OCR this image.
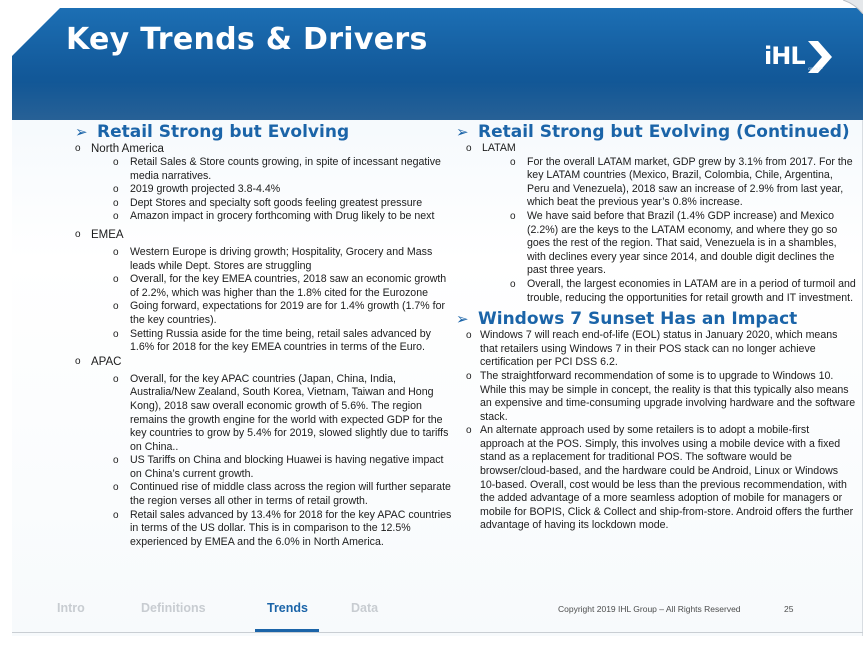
Key Trends & Drivers	iHL GROUP
➢ Retail Strong but Evolving
o North America
o Retail Sales & Store counts growing, in spite of incessant negative media narratives.
o 2019 growth projected 3.8-4.4%
o Dept Stores and specialty soft goods feeling greatest pressure
o Amazon impact in grocery forthcoming with Drug likely to be next
o EMEA
o Western Europe is driving growth; Hospitality, Grocery and Mass leads while Dept. Stores are struggling
o Overall, for the key EMEA countries, 2018 saw an economic growth of 2.2%, which was higher than the 1.8% cited for the Eurozone
o Going forward, expectations for 2019 are for 1.4% growth (1.7% for the key countries).
o Setting Russia aside for the time being, retail sales advanced by 1.6% for 2018 for the key EMEA countries in terms of the Euro.
o APAC
o Overall, for the key APAC countries (Japan, China, India, Australia/New Zealand, South Korea, Vietnam, Taiwan and Hong Kong), 2018 saw overall economic growth of 5.6%. The region remains the growth engine for the world with expected GDP for the key countries to grow by 5.4% for 2019, slowed slightly due to tariffs on China..
o US Tariffs on China and blocking Huawei is having negative impact on China’s current growth.
o Continued rise of middle class across the region will further separate the region verses all other in terms of retail growth.
o Retail sales advanced by 13.4% for 2018 for the key APAC countries in terms of the US dollar. This is in comparison to the 12.5% experienced by EMEA and the 6.0% in North America.
➢ Retail Strong but Evolving (Continued)
o LATAM
o For the overall LATAM market, GDP grew by 3.1% from 2017. For the key LATAM countries (Mexico, Brazil, Colombia, Chile, Argentina, Peru and Venezuela), 2018 saw an increase of 2.9% from last year, which beat the previous year’s 0.8% increase.
o We have said before that Brazil (1.4% GDP increase) and Mexico (2.2%) are the keys to the LATAM economy, and where they go so goes the rest of the region. That said, Venezuela is in a shambles, with declines every year since 2014, and double digit declines the past three years.
o Overall, the largest economies in LATAM are in a period of turmoil and trouble, reducing the opportunities for retail growth and IT investment.
➢ Windows 7 Sunset Has an Impact
o Windows 7 will reach end-of-life (EOL) status in January 2020, which means that retailers using Windows 7 in their POS stack can no longer achieve certification per PCI DSS 6.2.
o The straightforward recommendation of some is to upgrade to Windows 10. While this may be simple in concept, the reality is that this typically also means an expensive and time-consuming upgrade involving hardware and the software stack.
o An alternate approach used by some retailers is to adopt a mobile-first approach at the POS. Simply, this involves using a mobile device with a fixed stand as a replacement for traditional POS. The software would be browser/cloud-based, and the hardware could be Android, Linux or Windows 10-based. Overall, cost would be less than the previous recommendation, with the added advantage of a more seamless adoption of mobile for managers or mobile for BOPIS, Click & Collect and ship-from-store. Android offers the further advantage of having its lockdown mode.
Intro	Definitions	Trends	Data	Copyright 2019 IHL Group – All Rights Reserved	25
